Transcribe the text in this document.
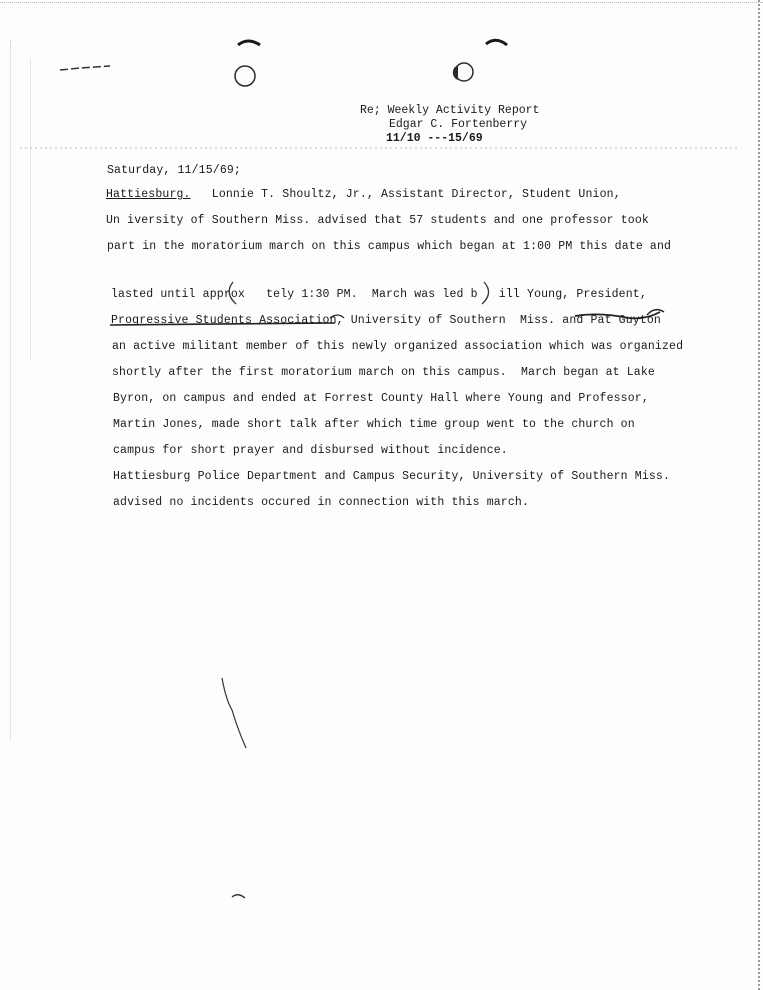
Re; Weekly Activity Report
Edgar C. Fortenberry
11/10 ---15/69
Saturday, 11/15/69;
Hattiesburg.   Lonnie T. Shoultz, Jr., Assistant Director, Student Union,
Un iversity of Southern Miss. advised that 57 students and one professor took
part in the moratorium march on this campus which began at 1:00 PM this date and
lasted until approx   tely 1:30 PM.  March was led b   ill Young, President,
Progressive Students Association, University of Southern  Miss. and Pat Guyton
an active militant member of this newly organized association which was organized
shortly after the first moratorium march on this campus.  March began at Lake
Byron, on campus and ended at Forrest County Hall where Young and Professor,
Martin Jones, made short talk after which time group went to the church on
campus for short prayer and disbursed without incidence.
Hattiesburg Police Department and Campus Security, University of Southern Miss.
advised no incidents occured in connection with this march.
